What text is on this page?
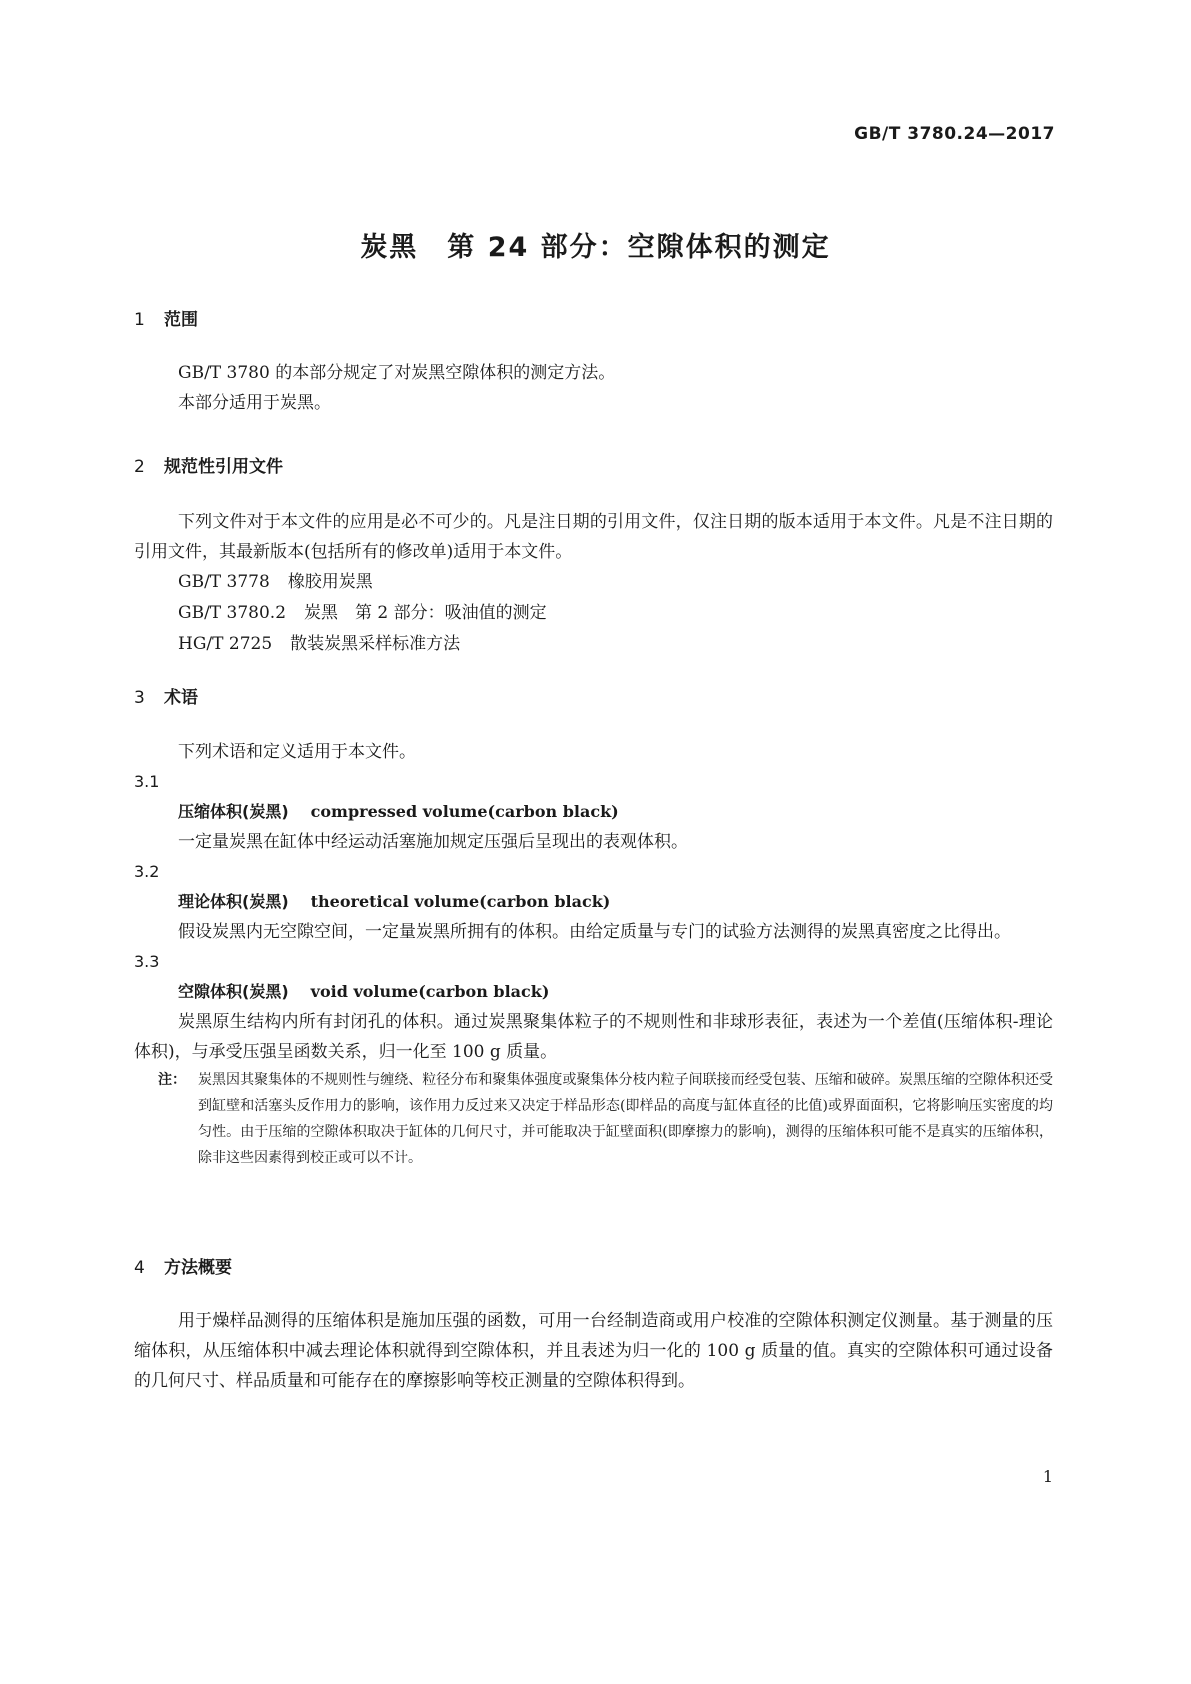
GB/T 3780.24—2017
炭黑　第 24 部分：空隙体积的测定

1 范围

GB/T 3780 的本部分规定了对炭黑空隙体积的测定方法。

本部分适用于炭黑。

2 规范性引用文件

下列文件对于本文件的应用是必不可少的。凡是注日期的引用文件，仅注日期的版本适用于本文件。凡是不注日期的引用文件，其最新版本(包括所有的修改单)适用于本文件。

GB/T 3778 橡胶用炭黑

GB/T 3780.2 炭黑　第 2 部分：吸油值的测定

HG/T 2725 散装炭黑采样标准方法

3 术语

下列术语和定义适用于本文件。

3.1

压缩体积(炭黑) compressed volume(carbon black)

一定量炭黑在缸体中经运动活塞施加规定压强后呈现出的表观体积。

3.2

理论体积(炭黑) theoretical volume(carbon black)

假设炭黑内无空隙空间，一定量炭黑所拥有的体积。由给定质量与专门的试验方法测得的炭黑真密度之比得出。

3.3

空隙体积(炭黑) void volume(carbon black)

炭黑原生结构内所有封闭孔的体积。通过炭黑聚集体粒子的不规则性和非球形表征，表述为一个差值(压缩体积-理论体积)，与承受压强呈函数关系，归一化至 100 g 质量。

注： 炭黑因其聚集体的不规则性与缠绕、粒径分布和聚集体强度或聚集体分枝内粒子间联接而经受包装、压缩和破碎。炭黑压缩的空隙体积还受到缸壁和活塞头反作用力的影响，该作用力反过来又决定于样品形态(即样品的高度与缸体直径的比值)或界面面积，它将影响压实密度的均匀性。由于压缩的空隙体积取决于缸体的几何尺寸，并可能取决于缸壁面积(即摩擦力的影响)，测得的压缩体积可能不是真实的压缩体积，除非这些因素得到校正或可以不计。

4 方法概要

用于燥样品测得的压缩体积是施加压强的函数，可用一台经制造商或用户校准的空隙体积测定仪测量。基于测量的压缩体积，从压缩体积中减去理论体积就得到空隙体积，并且表述为归一化的 100 g 质量的值。真实的空隙体积可通过设备的几何尺寸、样品质量和可能存在的摩擦影响等校正测量的空隙体积得到。

1
